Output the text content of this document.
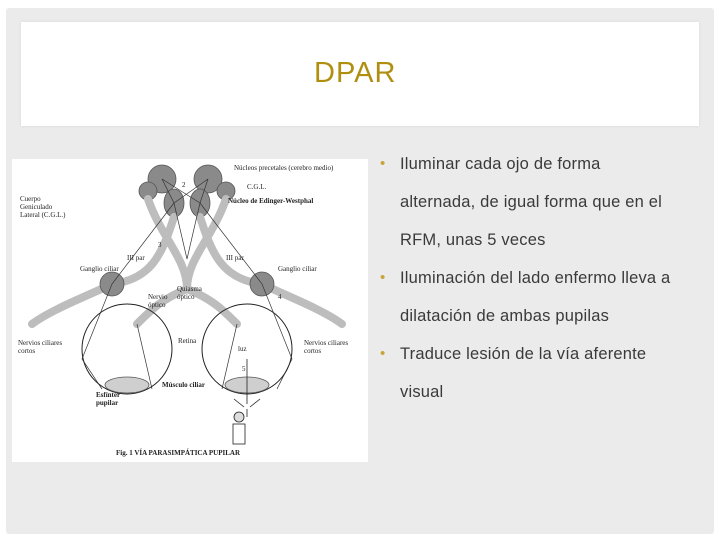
DPAR
Núcleos precetales (cerebro medio)
C.G.L.
Núcleo de Edinger-Westphal
Cuerpo Geniculado Lateral (C.G.L.)
III par	III par
Ganglio ciliar	Ganglio ciliar
Quiasma óptico
Nervio óptico
Nervios ciliares cortos
Nervios ciliares cortos
Retina
luz
Esfínter pupilar
Músculo ciliar
Fig. 1 VÍA PARASIMPÁTICA PUPILAR
2
3
4
5
• Iluminar cada ojo de forma alternada, de igual forma que en el RFM, unas 5 veces
• Iluminación del lado enfermo lleva a dilatación de ambas pupilas
• Traduce lesión de la vía aferente visual
